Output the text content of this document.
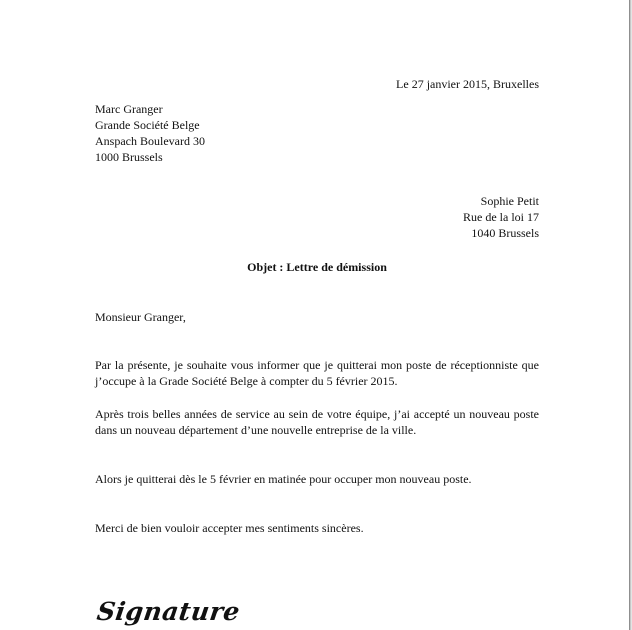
Le 27 janvier 2015, Bruxelles
Marc Granger
Grande Société Belge
Anspach Boulevard 30
1000 Brussels
Sophie Petit
Rue de la loi 17
1040 Brussels
Objet : Lettre de démission
Monsieur Granger,
Par la présente, je souhaite vous informer que je quitterai mon poste de réceptionniste que j’occupe à la Grade Société Belge à compter du 5 février 2015.
Après trois belles années de service au sein de votre équipe, j’ai accepté un nouveau poste dans un nouveau département d’une nouvelle entreprise de la ville.
Alors je quitterai dès le 5 février en matinée pour occuper mon nouveau poste.
Merci de bien vouloir accepter mes sentiments sincères.
Signature
